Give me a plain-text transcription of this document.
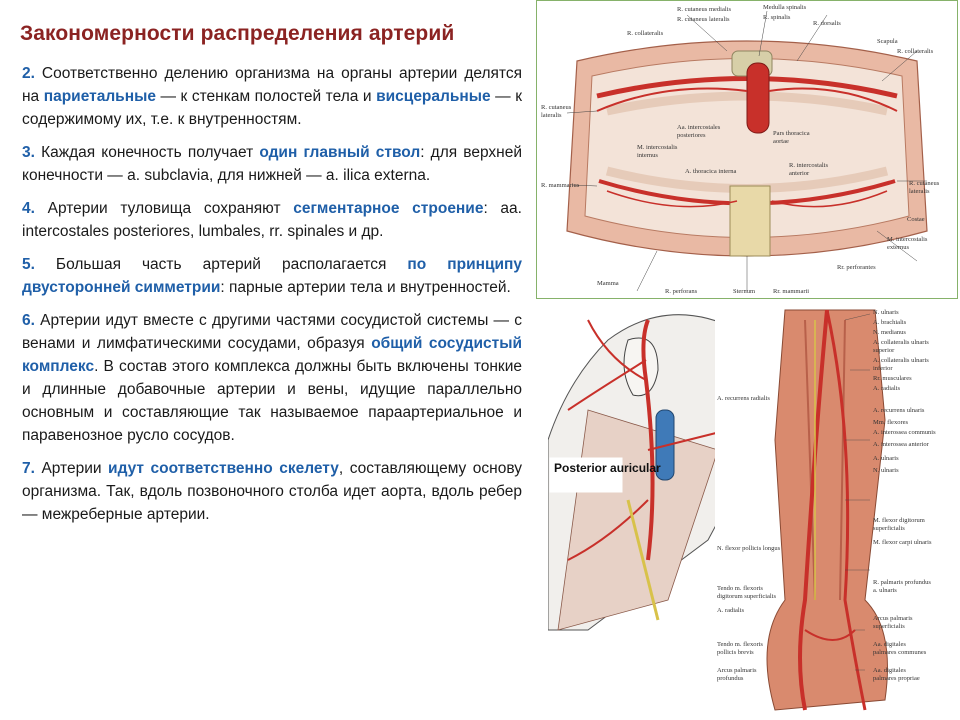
Закономерности распределения артерий

2. Соответственно делению организма на органы артерии делятся на париетальные — к стенкам полостей тела и висцеральные — к содержимому их, т.е. к внутренностям.

3. Каждая конечность получает один главный ствол: для верхней конечности — a. subclavia, для нижней — a. ilica externa.

4. Артерии туловища сохраняют сегментарное строение: aa. intercostales posteriores, lumbales, rr. spinales и др.

5. Большая часть артерий располагается по принципу двусторонней симметрии: парные артерии тела и внутренностей.

6. Артерии идут вместе с другими частями сосудистой системы — с венами и лимфатическими сосудами, образуя общий сосудистый комплекс. В состав этого комплекса должны быть включены тонкие и длинные добавочные артерии и вены, идущие параллельно основным и составляющие так называемое параартериальное и паравенозное русло сосудов.

7. Артерии идут соответственно скелету, составляющему основу организма. Так, вдоль позвоночного столба идет аорта, вдоль ребер — межреберные артерии.

R. cutaneus medialis	Medulla spinalis
R. cutaneus lateralis	R. spinalis
R. dorsalis
R. collateralis
Scapula
R. collateralis
R. cutaneus
lateralis
Aa. intercostales
posteriores	Pars thoracica
aortae
M. intercostalis
internus
A. thoracica interna
R. intercostalis
anterior
R. mammarius	R. cutaneus
lateralis
Costae
M. intercostalis
externus
Rr. perforantes
Mamma
R. perforans	Sternum	Rr. mammarii
Posterior auricular
N. ulnaris
A. brachialis
N. medianus
A. collateralis ulnaris
superior
A. collateralis ulnaris
inferior
Rr. musculares
A. radialis
A. recurrens ulnaris
Mm. flexores
A. interossea communis
A. interossea anterior
A. ulnaris
N. ulnaris
M. flexor digitorum
superficialis
M. flexor carpi ulnaris
R. palmaris profundus
a. ulnaris
Arcus palmaris
superficialis
Aa. digitales
palmares communes
Aa. digitales
palmares propriae
A. recurrens radialis
N. flexor pollicis longus
Tendo m. flexoris
digitorum superficialis
A. radialis
Tendo m. flexoris
pollicis brevis
Arcus palmaris
profundus
